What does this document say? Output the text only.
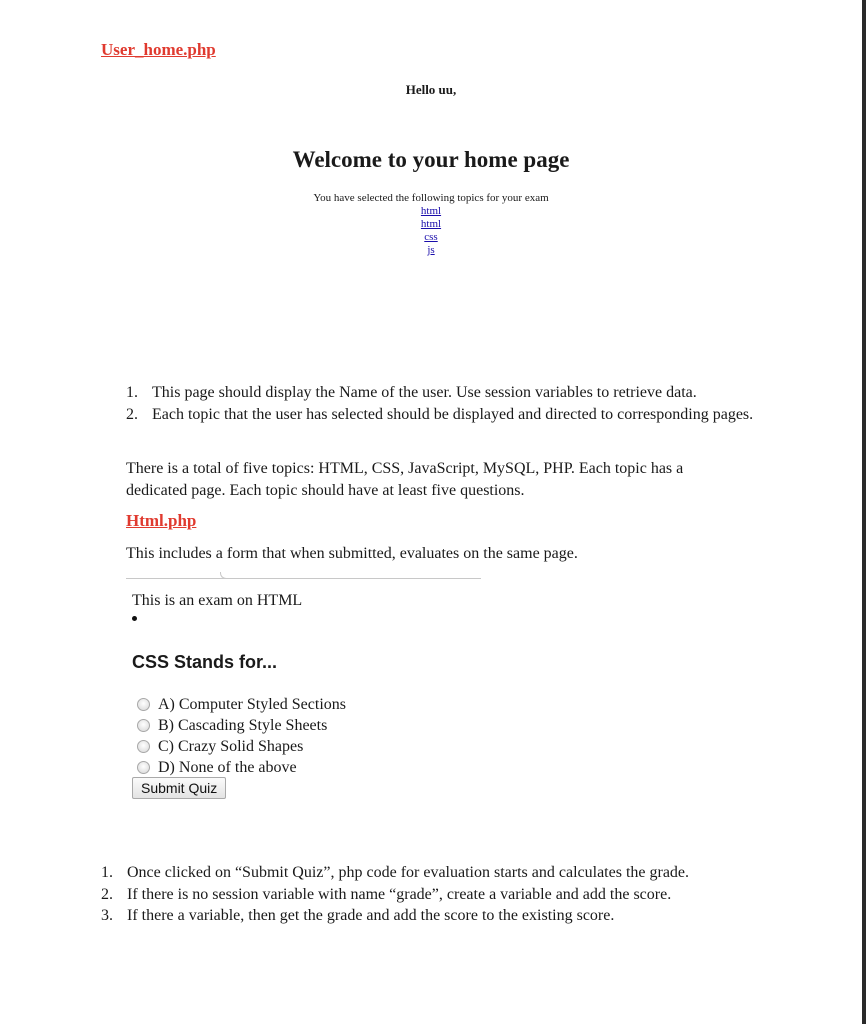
User_home.php

Hello uu,

Welcome to your home page
You have selected the following topics for your exam
html
html
css
js
1. This page should display the Name of the user. Use session variables to retrieve data.
2. Each topic that the user has selected should be displayed and directed to corresponding pages.

There is a total of five topics: HTML, CSS, JavaScript, MySQL, PHP. Each topic has a dedicated page. Each topic should have at least five questions.

Html.php

This includes a form that when submitted, evaluates on the same page.

This is an exam on HTML

CSS Stands for...
A) Computer Styled Sections
B) Cascading Style Sheets
C) Crazy Solid Shapes
D) None of the above
Submit Quiz
1. Once clicked on “Submit Quiz”, php code for evaluation starts and calculates the grade.
2. If there is no session variable with name “grade”, create a variable and add the score.
3. If there a variable, then get the grade and add the score to the existing score.
